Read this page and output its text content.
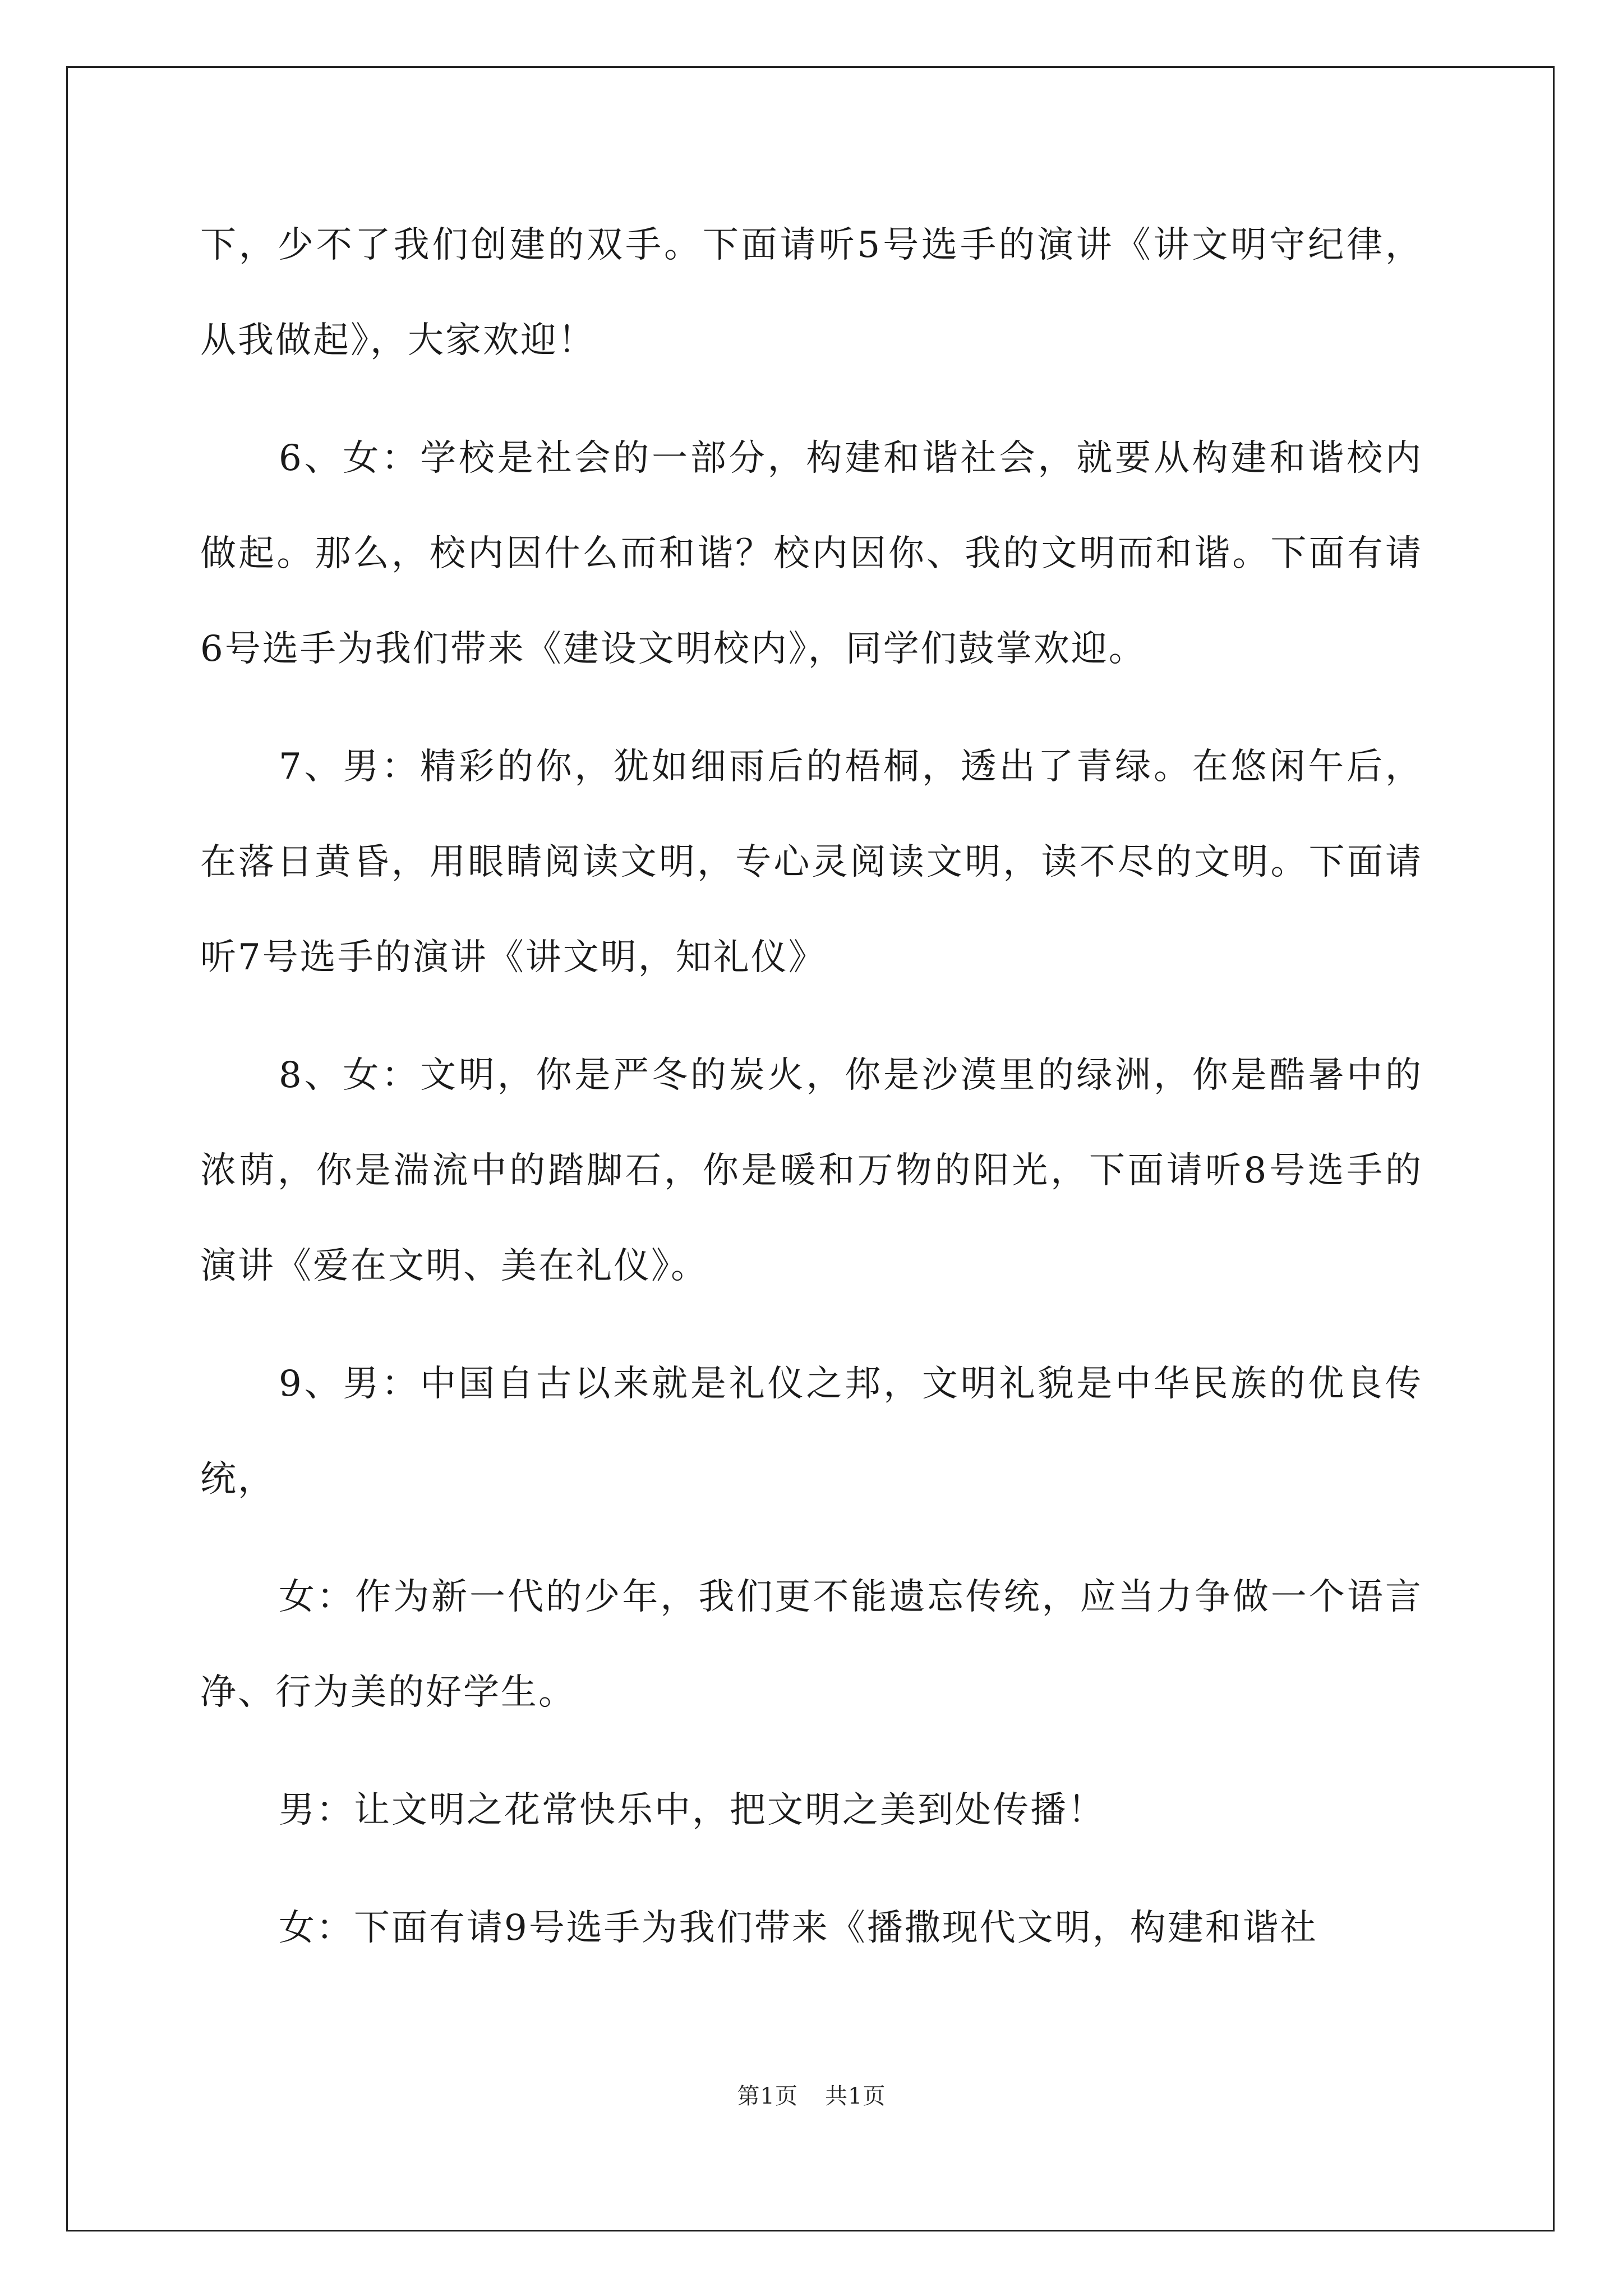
下，少不了我们创建的双手。下面请听5号选手的演讲《讲文明守纪律，从我做起》，大家欢迎！

6、女：学校是社会的一部分，构建和谐社会，就要从构建和谐校内做起。那么，校内因什么而和谐？校内因你、我的文明而和谐。下面有请6号选手为我们带来《建设文明校内》，同学们鼓掌欢迎。

7、男：精彩的你，犹如细雨后的梧桐，透出了青绿。在悠闲午后，在落日黄昏，用眼睛阅读文明，专心灵阅读文明，读不尽的文明。下面请听7号选手的演讲《讲文明，知礼仪》

8、女：文明，你是严冬的炭火，你是沙漠里的绿洲，你是酷暑中的浓荫，你是湍流中的踏脚石，你是暖和万物的阳光，下面请听8号选手的演讲《爱在文明、美在礼仪》。

9、男：中国自古以来就是礼仪之邦，文明礼貌是中华民族的优良传统，

女：作为新一代的少年，我们更不能遗忘传统，应当力争做一个语言净、行为美的好学生。

男：让文明之花常快乐中，把文明之美到处传播！

女：下面有请9号选手为我们带来《播撒现代文明，构建和谐社

第1页 共1页
